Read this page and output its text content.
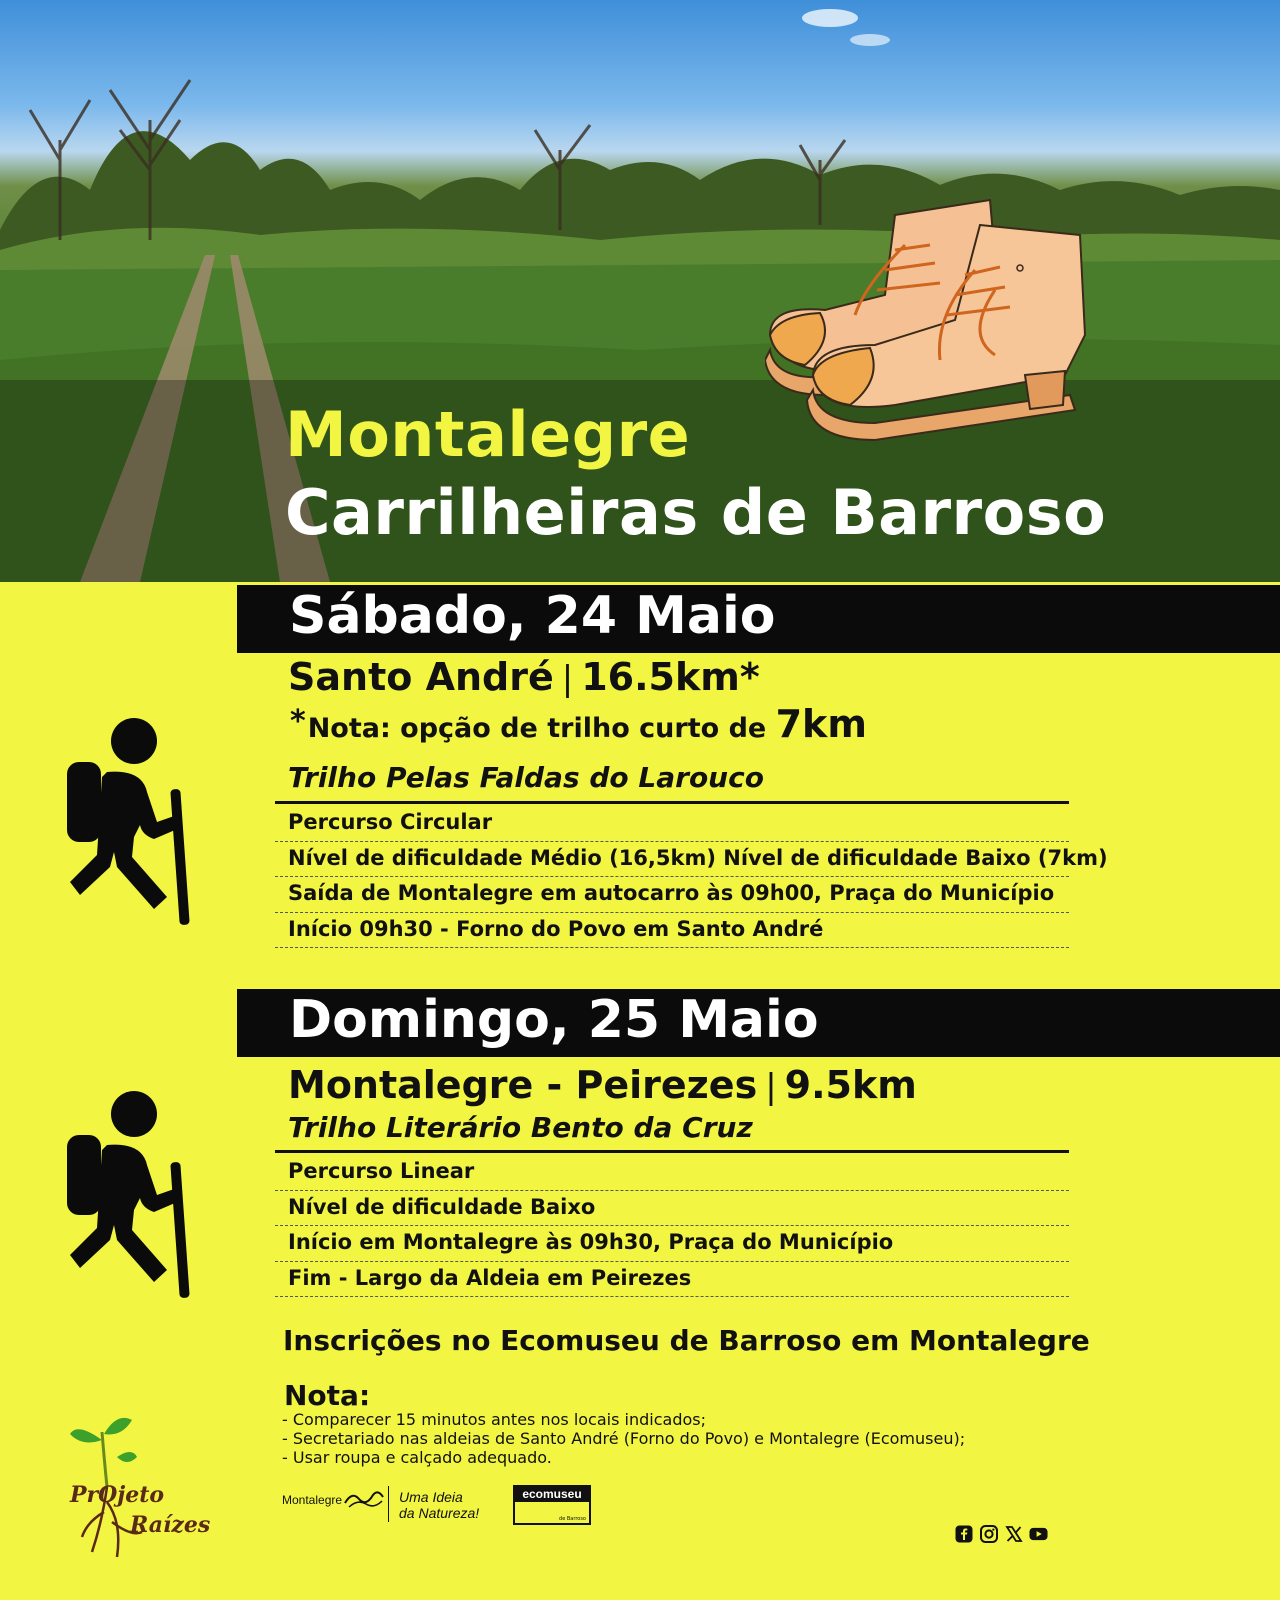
Montalegre
Carrilheiras de Barroso
Sábado, 24 Maio
Santo André | 16.5km*
*Nota: opção de trilho curto de 7km
Trilho Pelas Faldas do Larouco
Percurso Circular
Nível de dificuldade Médio (16,5km) Nível de dificuldade Baixo (7km)
Saída de Montalegre em autocarro às 09h00, Praça do Município
Início 09h30 - Forno do Povo em Santo André
Domingo, 25 Maio
Montalegre - Peirezes | 9.5km
Trilho Literário Bento da Cruz
Percurso Linear
Nível de dificuldade Baixo
Início em Montalegre às 09h30, Praça do Município
Fim - Largo da Aldeia em Peirezes
Inscrições no Ecomuseu de Barroso em Montalegre
Nota:
- Comparecer 15 minutos antes nos locais indicados;
- Secretariado nas aldeias de Santo André (Forno do Povo) e Montalegre (Ecomuseu);
- Usar roupa e calçado adequado.
PrOjeto
Raízes
Montalegre	Uma Ideia
da Natureza!
ecomuseu
de Barroso
